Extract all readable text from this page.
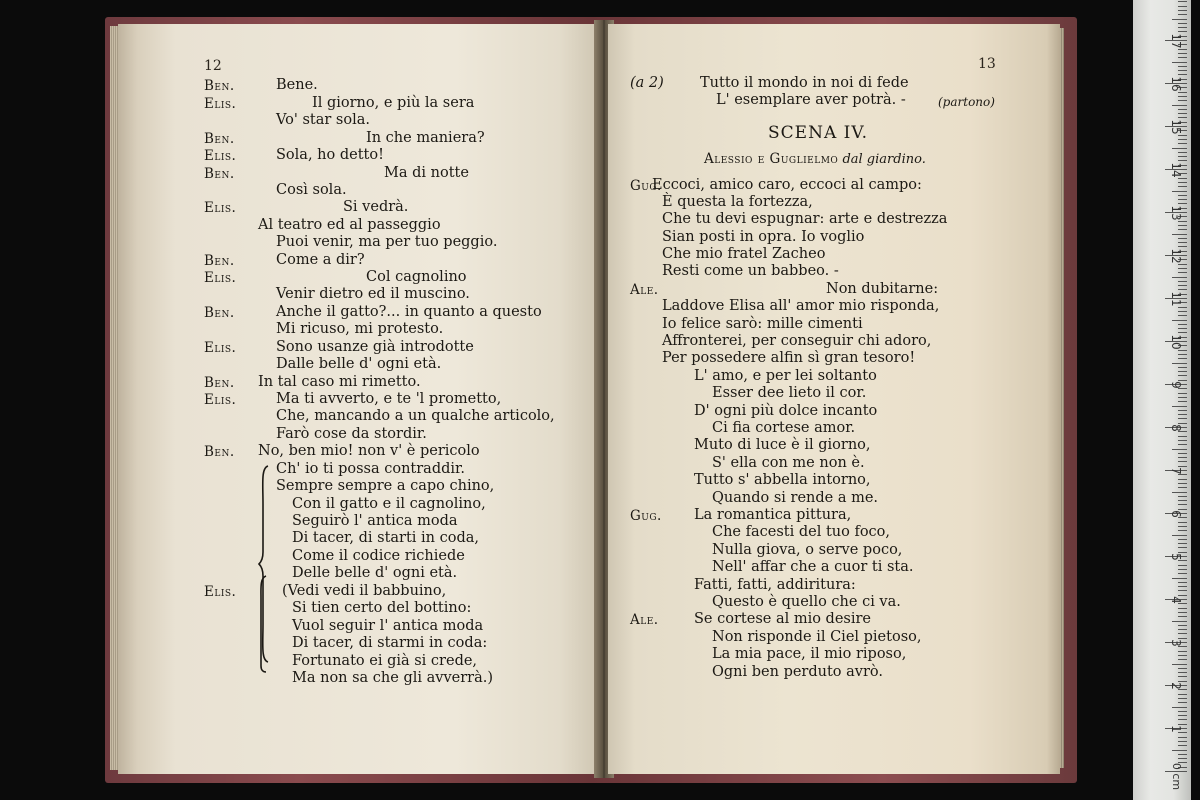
12
Ben.	Bene.
Elis.	Il giorno, e più la sera
Vo' star sola.
Ben.	In che maniera?
Elis.	Sola, ho detto!
Ben.	Ma di notte
Così sola.
Elis.	Si vedrà.
Al teatro ed al passeggio
Puoi venir, ma per tuo peggio.
Ben.	Come a dir?
Elis.	Col cagnolino
Venir dietro ed il muscino.
Ben.	Anche il gatto?... in quanto a questo
Mi ricuso, mi protesto.
Elis.	Sono usanze già introdotte
Dalle belle d' ogni età.
Ben. In tal caso mi rimetto.
Elis.	Ma ti avverto, e te 'l prometto,
Che, mancando a un qualche articolo,
Farò cose da stordir.
Ben. No, ben mio! non v' è pericolo
Ch' io ti possa contraddir.
Sempre sempre a capo chino,
Con il gatto e il cagnolino,
Seguirò l' antica moda
Di tacer, di starti in coda,
Come il codice richiede
Delle belle d' ogni età.
Elis.	(Vedi vedi il babbuino,
Si tien certo del bottino:
Vuol seguir l' antica moda
Di tacer, di starmi in coda:
Fortunato ei già si crede,
Ma non sa che gli avverrà.)
13
(a 2) Tutto il mondo in noi di fede
L' esemplare aver potrà. -	(partono)
SCENA IV.
Alessio e Guglielmo dal giardino.
Gug.
Eccoci, amico caro, eccoci al campo:
È questa la fortezza,
Che tu devi espugnar: arte e destrezza
Sian posti in opra. Io voglio
Che mio fratel Zacheo
Resti come un babbeo. -
Ale.	Non dubitarne:
Laddove Elisa all' amor mio risponda,
Io felice sarò: mille cimenti
Affronterei, per conseguir chi adoro,
Per possedere alfin sì gran tesoro!
L' amo, e per lei soltanto
Esser dee lieto il cor.
D' ogni più dolce incanto
Ci fia cortese amor.
Muto di luce è il giorno,
S' ella con me non è.
Tutto s' abbella intorno,
Quando si rende a me.
Gug. La romantica pittura,
Che facesti del tuo foco,
Nulla giova, o serve poco,
Nell' affar che a cuor ti sta.
Fatti, fatti, addiritura:
Questo è quello che ci va.
Ale. Se cortese al mio desire
Non risponde il Ciel pietoso,
La mia pace, il mio riposo,
Ogni ben perduto avrò.
17
16
15
14
13
12
11
10
9
8
7
6
5
4
3
2
1
0 cm
